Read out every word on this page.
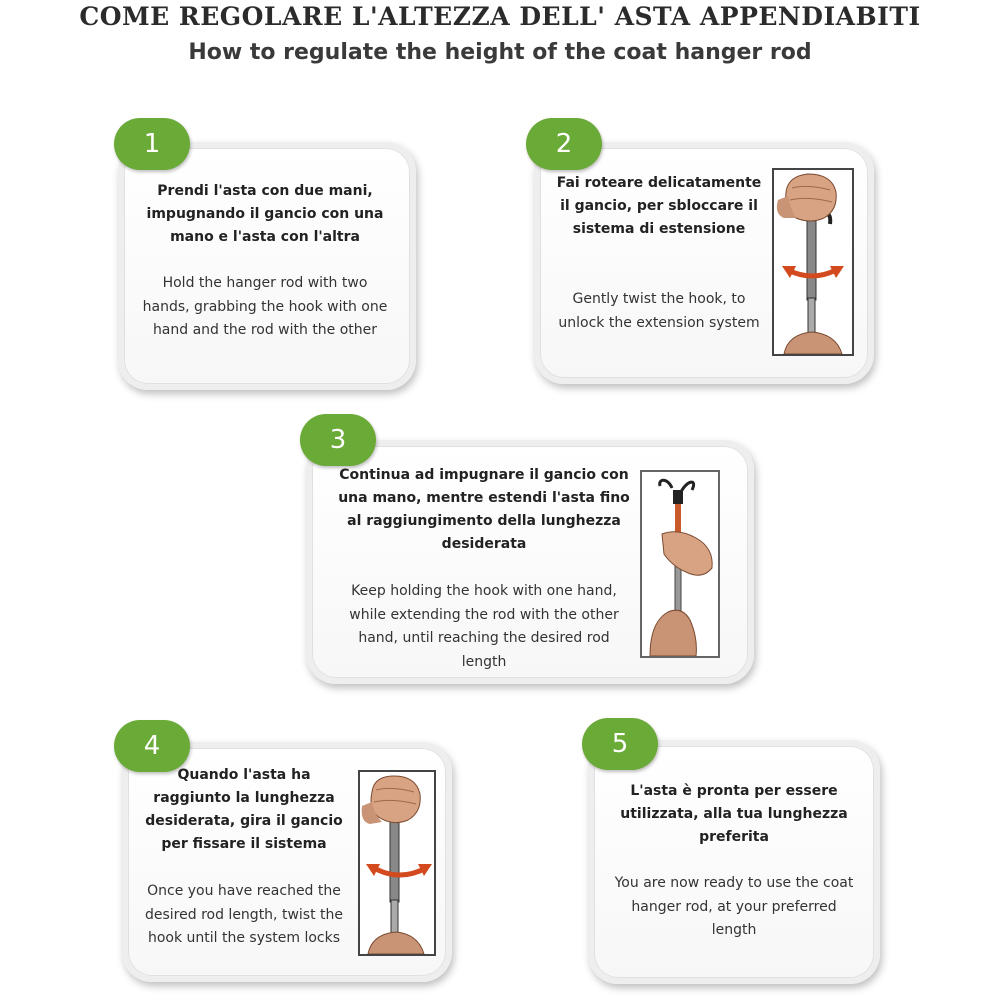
COME REGOLARE L'ALTEZZA DELL' ASTA APPENDIABITI
How to regulate the height of the coat hanger rod
1
Prendi l'asta con due mani, impugnando il gancio con una mano e l'asta con l'altra
Hold the hanger rod with two hands, grabbing the hook with one hand and the rod with the other
2
Fai roteare delicatamente il gancio, per sbloccare il sistema di estensione
Gently twist the hook, to unlock the extension system
3
Continua ad impugnare il gancio con una mano, mentre estendi l'asta fino al raggiungimento della lunghezza desiderata
Keep holding the hook with one hand, while extending the rod with the other hand, until reaching the desired rod length
4
Quando l'asta ha raggiunto la lunghezza desiderata, gira il gancio per fissare il sistema
Once you have reached the desired rod length, twist the hook until the system locks
5
L'asta è pronta per essere utilizzata, alla tua lunghezza preferita
You are now ready to use the coat hanger rod, at your preferred length
